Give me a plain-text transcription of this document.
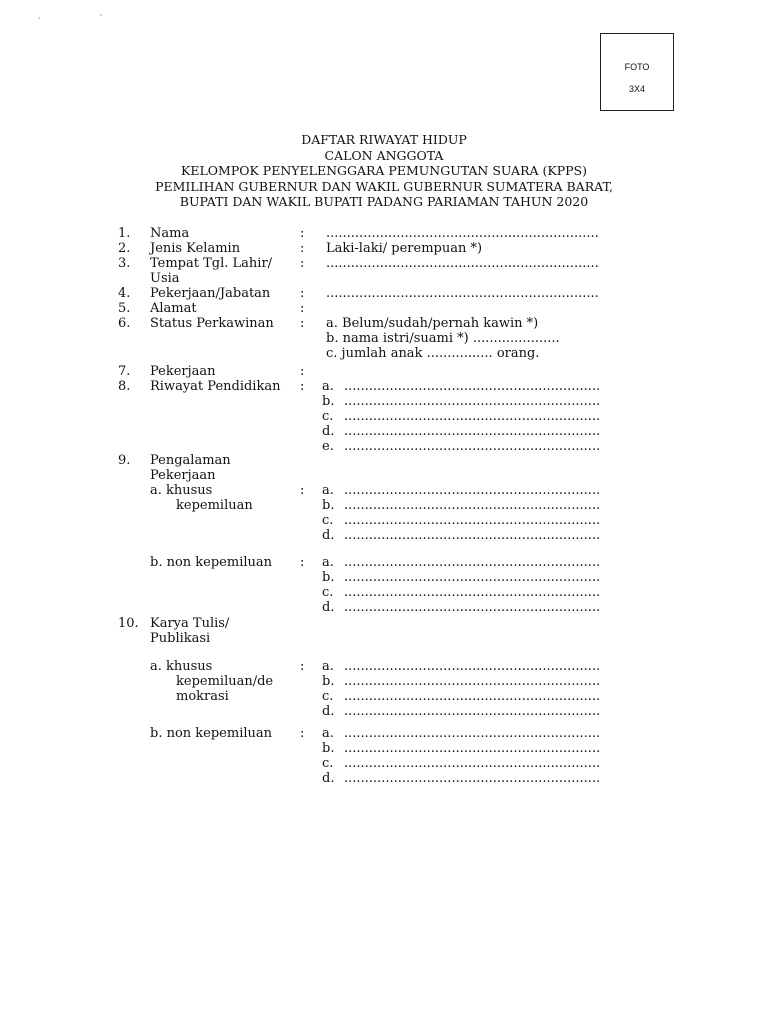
· `
FOTO
3X4
DAFTAR RIWAYAT HIDUP
CALON ANGGOTA
KELOMPOK PENYELENGGARA PEMUNGUTAN SUARA (KPPS)
PEMILIHAN GUBERNUR DAN WAKIL GUBERNUR SUMATERA BARAT,
BUPATI DAN WAKIL BUPATI PADANG PARIAMAN TAHUN 2020
1. Nama	: ..................................................................
2. Jenis Kelamin	: Laki-laki/ perempuan *)
3. Tempat Tgl. Lahir/ : ..................................................................
Usia
4. Pekerjaan/Jabatan : ..................................................................
5. Alamat	:
6. Status Perkawinan : a. Belum/sudah/pernah kawin *)
b. nama istri/suami *) .....................
c. jumlah anak ................ orang.
7. Pekerjaan	:
8. Riwayat Pendidikan : a. ..............................................................
b. ..............................................................
c. ..............................................................
d. ..............................................................
e. ..............................................................
9. Pengalaman
Pekerjaan
a. khusus	: a. ..............................................................
kepemiluan	b. ..............................................................
c. ..............................................................
d. ..............................................................
b. non kepemiluan : a. ..............................................................
b. ..............................................................
c. ..............................................................
d. ..............................................................
10. Karya Tulis/
Publikasi
a. khusus	: a. ..............................................................
kepemiluan/de	b. ..............................................................
mokrasi	c. ..............................................................
d. ..............................................................
b. non kepemiluan : a. ..............................................................
b. ..............................................................
c. ..............................................................
d. ..............................................................
